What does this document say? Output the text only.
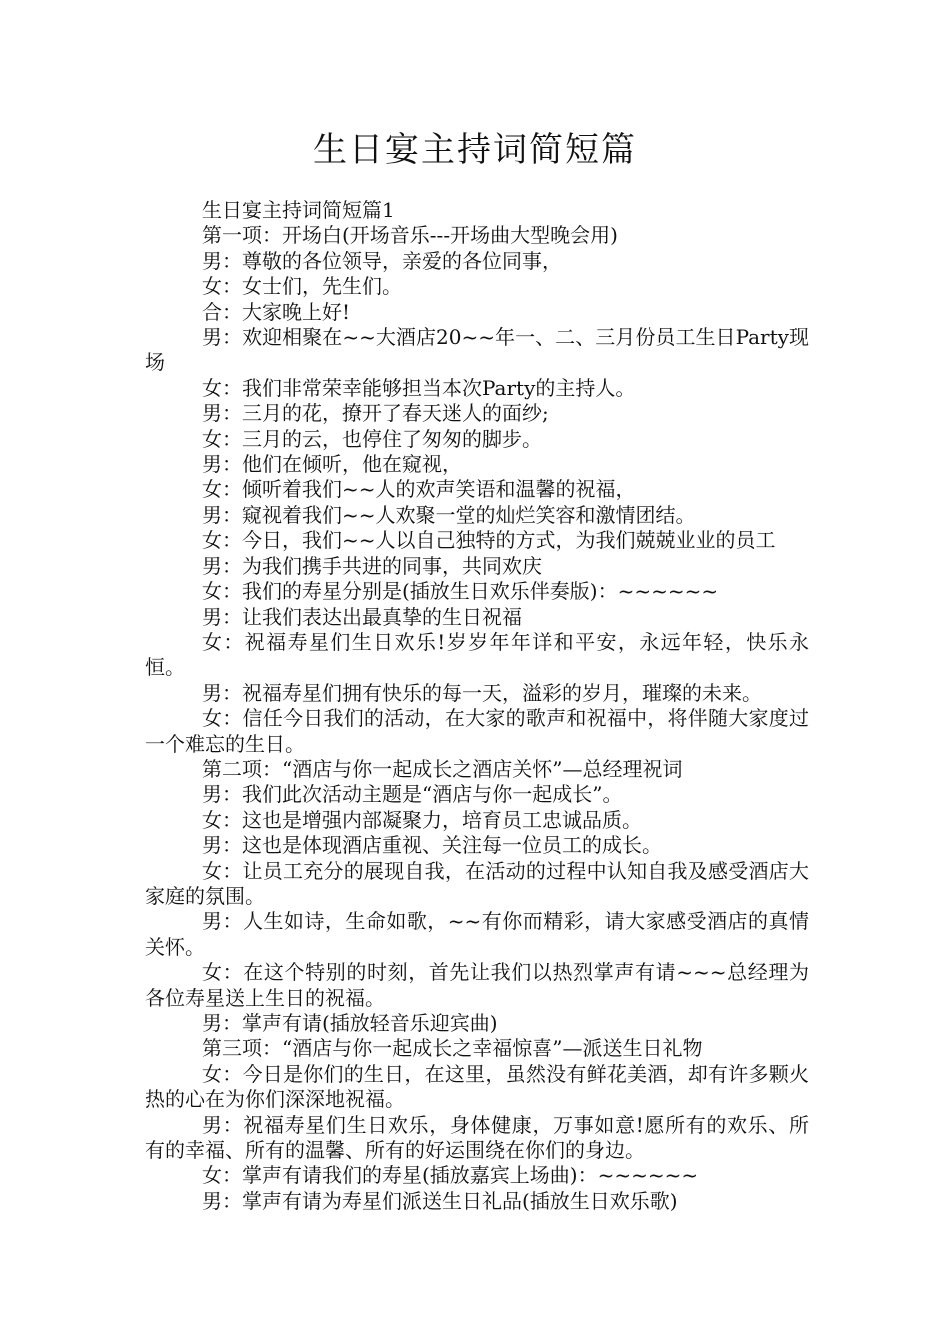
生日宴主持词简短篇

生日宴主持词简短篇1

第一项：开场白(开场音乐---开场曲大型晚会用)

男：尊敬的各位领导，亲爱的各位同事，

女：女士们，先生们。

合：大家晚上好!

男：欢迎相聚在~~大酒店20~~年一、二、三月份员工生日Party现场

女：我们非常荣幸能够担当本次Party的主持人。

男：三月的花，撩开了春天迷人的面纱;

女：三月的云，也停住了匆匆的脚步。

男：他们在倾听，他在窥视，

女：倾听着我们~~人的欢声笑语和温馨的祝福，

男：窥视着我们~~人欢聚一堂的灿烂笑容和激情团结。

女：今日，我们~~人以自己独特的方式，为我们兢兢业业的员工

男：为我们携手共进的同事，共同欢庆

女：我们的寿星分别是(插放生日欢乐伴奏版)：~~~~~~

男：让我们表达出最真挚的生日祝福

女：祝福寿星们生日欢乐!岁岁年年详和平安，永远年轻，快乐永恒。

男：祝福寿星们拥有快乐的每一天，溢彩的岁月，璀璨的未来。

女：信任今日我们的活动，在大家的歌声和祝福中，将伴随大家度过一个难忘的生日。

第二项：“酒店与你一起成长之酒店关怀”—总经理祝词

男：我们此次活动主题是“酒店与你一起成长”。

女：这也是增强内部凝聚力，培育员工忠诚品质。

男：这也是体现酒店重视、关注每一位员工的成长。

女：让员工充分的展现自我，在活动的过程中认知自我及感受酒店大家庭的氛围。

男：人生如诗，生命如歌，~~有你而精彩，请大家感受酒店的真情关怀。

女：在这个特别的时刻，首先让我们以热烈掌声有请~~~总经理为各位寿星送上生日的祝福。

男：掌声有请(插放轻音乐迎宾曲)

第三项：“酒店与你一起成长之幸福惊喜”—派送生日礼物

女：今日是你们的生日，在这里，虽然没有鲜花美酒，却有许多颗火热的心在为你们深深地祝福。

男：祝福寿星们生日欢乐，身体健康，万事如意!愿所有的欢乐、所有的幸福、所有的温馨、所有的好运围绕在你们的身边。

女：掌声有请我们的寿星(插放嘉宾上场曲)：~~~~~~

男：掌声有请为寿星们派送生日礼品(插放生日欢乐歌)
